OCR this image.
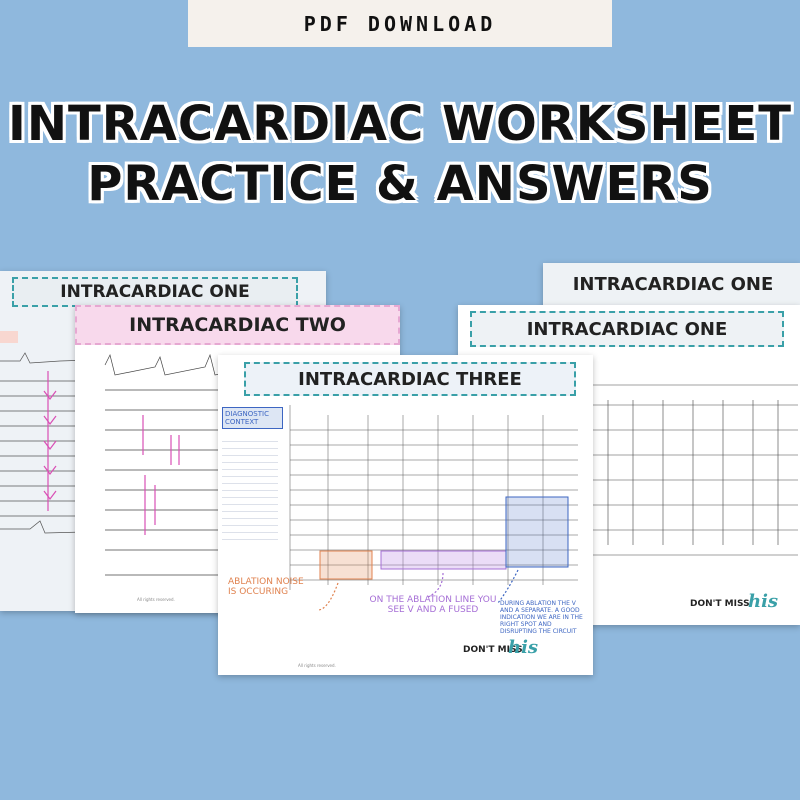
PDF DOWNLOAD
INTRACARDIAC WORKSHEET
PRACTICE & ANSWERS
INTRACARDIAC ONE	INTRACARDIAC ONE
INTRACARDIAC ONE
DON'T MISS
his
INTRACARDIAC TWO
All rights reserved.
INTRACARDIAC THREE
DIAGNOSTIC CONTEXT
ABLATION NOISE IS OCCURING
ON THE ABLATION LINE YOU SEE V AND A FUSED
DURING ABLATION THE V AND A SEPARATE. A GOOD INDICATION WE ARE IN THE RIGHT SPOT AND DISRUPTING THE CIRCUIT
DON'T MISS
his
All rights reserved.
